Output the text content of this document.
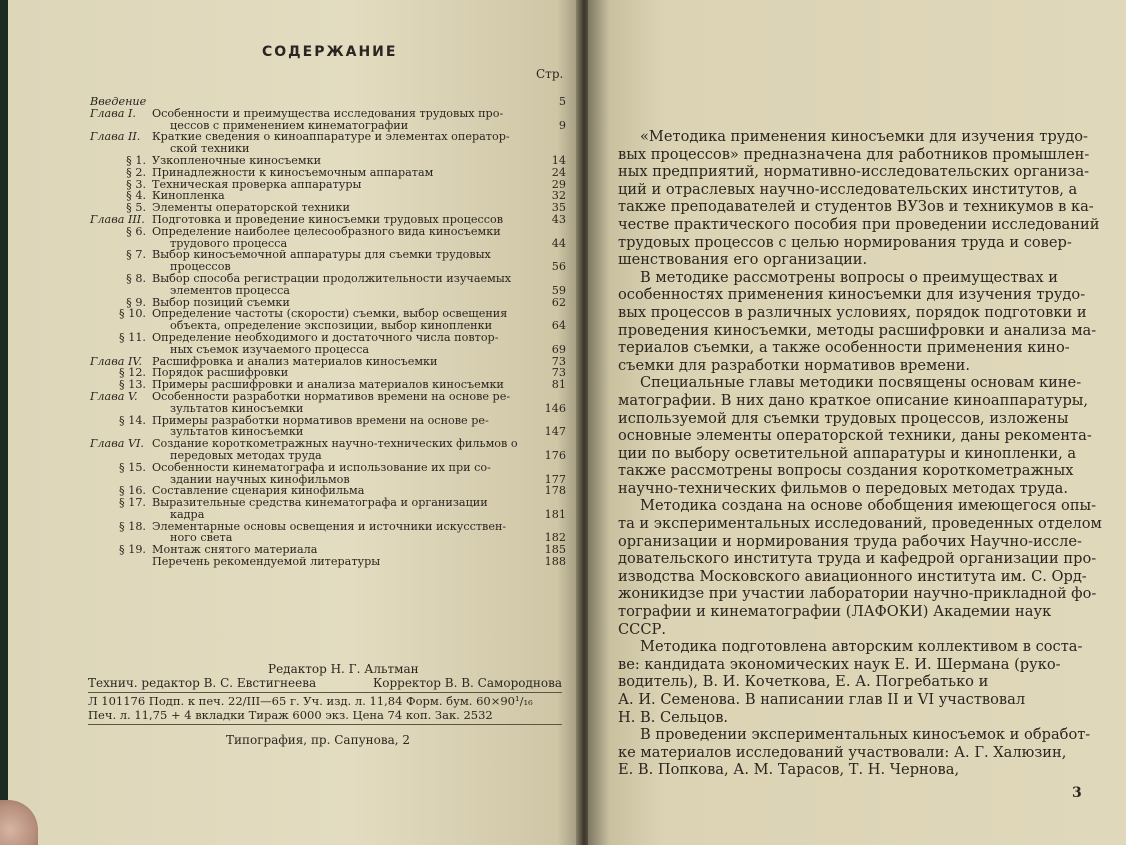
СОДЕРЖАНИЕ
Стр.
Введение	5
Глава I.	Особенности и преимущества исследования трудовых про-
цессов с применением кинематографии	9
Глава II.	Краткие сведения о киноаппаратуре и элементах оператор-
ской техники
§ 1. Узкопленочные киносъемки	14
§ 2. Принадлежности к киносъемочным аппаратам	24
§ 3. Техническая проверка аппаратуры	29
§ 4. Кинопленка	32
§ 5. Элементы операторской техники	35
Глава III. Подготовка и проведение киносъемки трудовых процессов	43
§ 6. Определение наиболее целесообразного вида киносъемки
трудового процесса	44
§ 7. Выбор киносъемочной аппаратуры для съемки трудовых
процессов	56
§ 8. Выбор способа регистрации продолжительности изучаемых
элементов процесса	59
§ 9. Выбор позиций съемки	62
§ 10. Определение частоты (скорости) съемки, выбор освещения
объекта, определение экспозиции, выбор кинопленки	64
§ 11. Определение необходимого и достаточного числа повтор-
ных съемок изучаемого процесса	69
Глава IV. Расшифровка и анализ материалов киносъемки	73
§ 12. Порядок расшифровки	73
§ 13. Примеры расшифровки и анализа материалов киносъемки	81
Глава V.	Особенности разработки нормативов времени на основе ре-
зультатов киносъемки	146
§ 14. Примеры разработки нормативов времени на основе ре-
зультатов киносъемки	147
Глава VI. Создание короткометражных научно-технических фильмов о
передовых методах труда	176
§ 15. Особенности кинематографа и использование их при со-
здании научных кинофильмов	177
§ 16. Составление сценария кинофильма	178
§ 17. Выразительные средства кинематографа и организации
кадра	181
§ 18. Элементарные основы освещения и источники искусствен-
ного света	182
§ 19. Монтаж снятого материала	185
Перечень рекомендуемой литературы	188
Редактор Н. Г. Альтман
Технич. редактор В. С. Евстигнеева	Корректор В. В. Самороднова
Л 101176 Подп. к печ. 22/III—65 г. Уч. изд. л. 11,84 Форм. бум. 60×90¹/₁₆
Печ. л. 11,75 + 4 вкладки Тираж 6000 экз. Цена 74 коп. Зак. 2532
Типография, пр. Сапунова, 2
«Методика применения киносъемки для изучения трудо-
вых процессов» предназначена для работников промышлен-
ных предприятий, нормативно-исследовательских организа-
ций и отраслевых научно-исследовательских институтов, а
также преподавателей и студентов ВУЗов и техникумов в ка-
честве практического пособия при проведении исследований
трудовых процессов с целью нормирования труда и совер-
шенствования его организации.
В методике рассмотрены вопросы о преимуществах и
особенностях применения киносъемки для изучения трудо-
вых процессов в различных условиях, порядок подготовки и
проведения киносъемки, методы расшифровки и анализа ма-
териалов съемки, а также особенности применения кино-
съемки для разработки нормативов времени.
Специальные главы методики посвящены основам кине-
матографии. В них дано краткое описание киноаппаратуры,
используемой для съемки трудовых процессов, изложены
основные элементы операторской техники, даны рекомента-
ции по выбору осветительной аппаратуры и кинопленки, а
также рассмотрены вопросы создания короткометражных
научно-технических фильмов о передовых методах труда.
Методика создана на основе обобщения имеющегося опы-
та и экспериментальных исследований, проведенных отделом
организации и нормирования труда рабочих Научно-иссле-
довательского института труда и кафедрой организации про-
изводства Московского авиационного института им. С. Орд-
жоникидзе при участии лаборатории научно-прикладной фо-
тографии и кинематографии (ЛАФОКИ) Академии наук
СССР.
Методика подготовлена авторским коллективом в соста-
ве: кандидата экономических наук Е. И. Шермана (руко-
водитель), В. И. Кочеткова, Е. А. Погребатько и
А. И. Семенова. В написании глав II и VI участвовал
Н. В. Сельцов.
В проведении экспериментальных киносъемок и обработ-
ке материалов исследований участвовали: А. Г. Халюзин,
Е. В. Попкова, А. М. Тарасов, Т. Н. Чернова,
3
